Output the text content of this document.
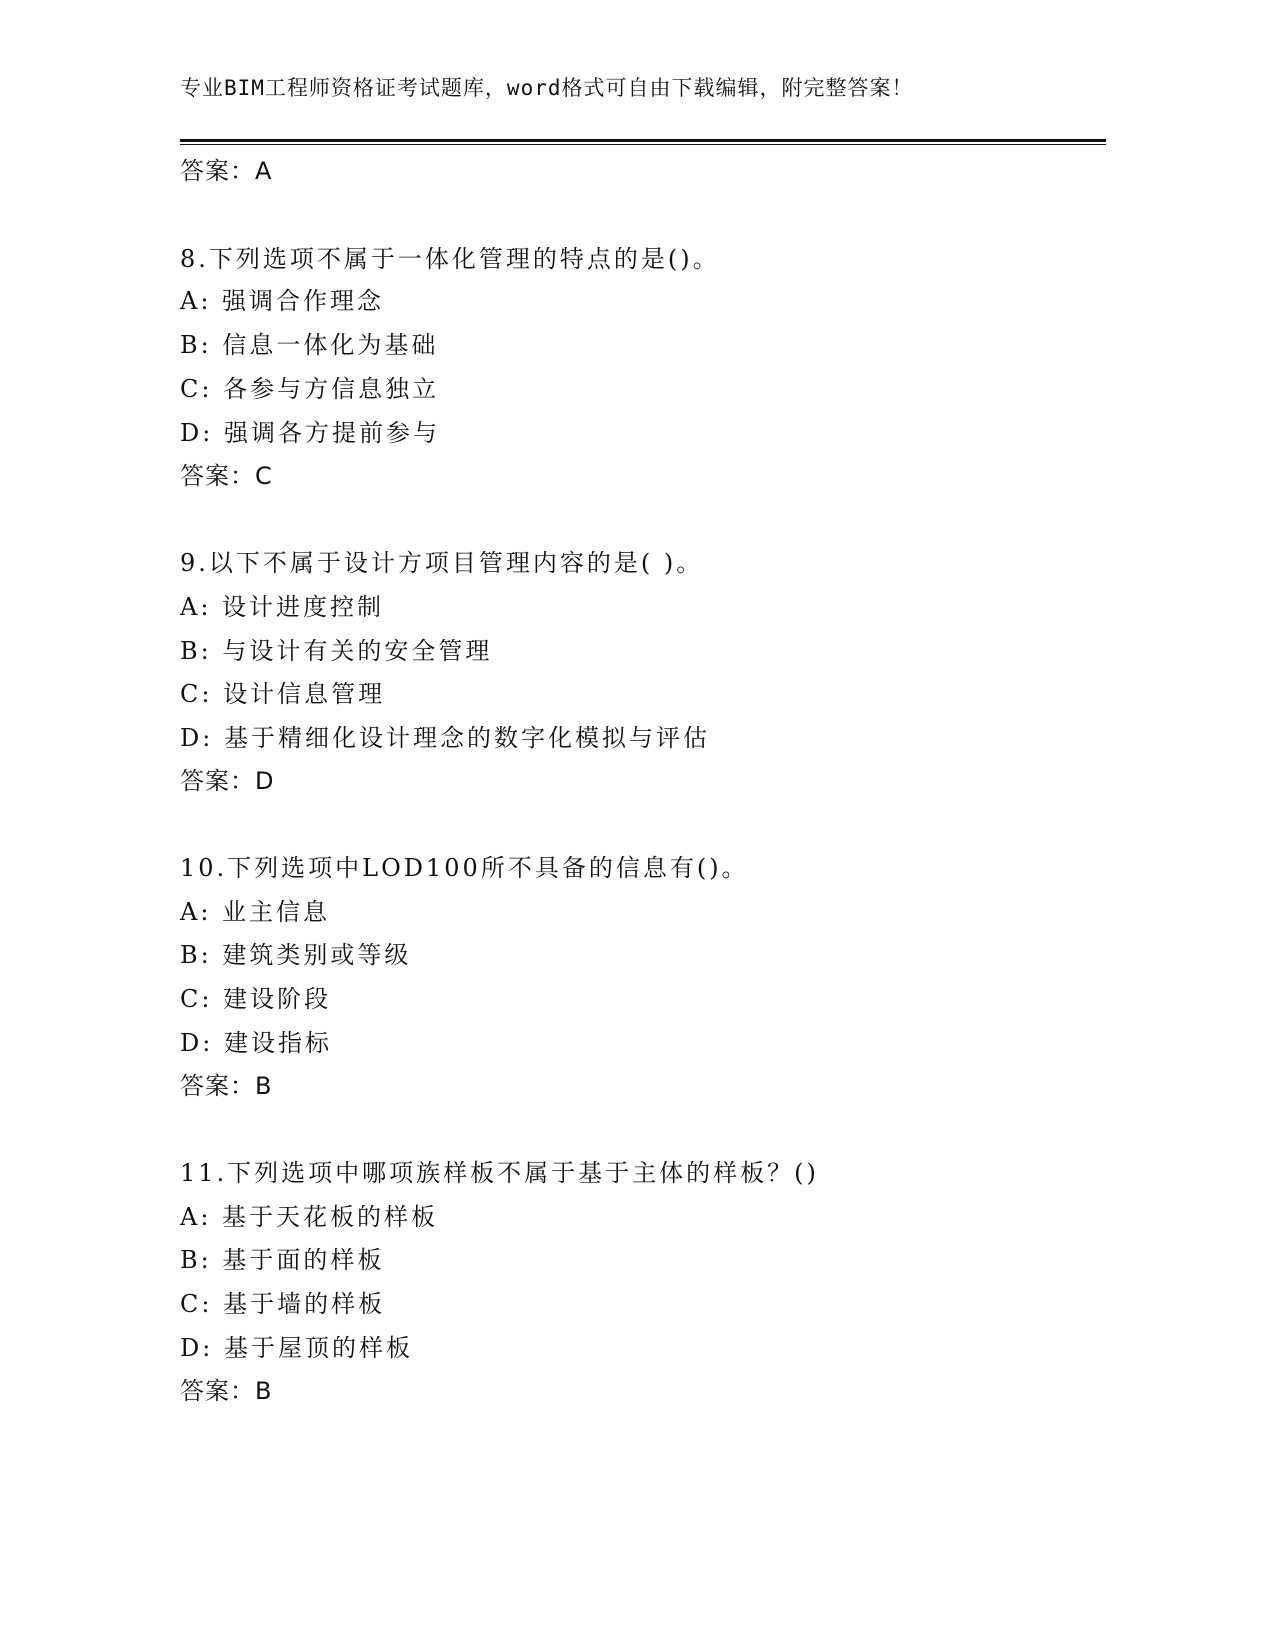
专业BIM工程师资格证考试题库，word格式可自由下载编辑，附完整答案！
答案：A
8.下列选项不属于一体化管理的特点的是()。
A: 强调合作理念
B: 信息一体化为基础
C: 各参与方信息独立
D: 强调各方提前参与
答案：C
9.以下不属于设计方项目管理内容的是( )。
A: 设计进度控制
B: 与设计有关的安全管理
C: 设计信息管理
D: 基于精细化设计理念的数字化模拟与评估
答案：D
10.下列选项中LOD100所不具备的信息有()。
A: 业主信息
B: 建筑类别或等级
C: 建设阶段
D: 建设指标
答案：B
11.下列选项中哪项族样板不属于基于主体的样板？()
A: 基于天花板的样板
B: 基于面的样板
C: 基于墙的样板
D: 基于屋顶的样板
答案：B
